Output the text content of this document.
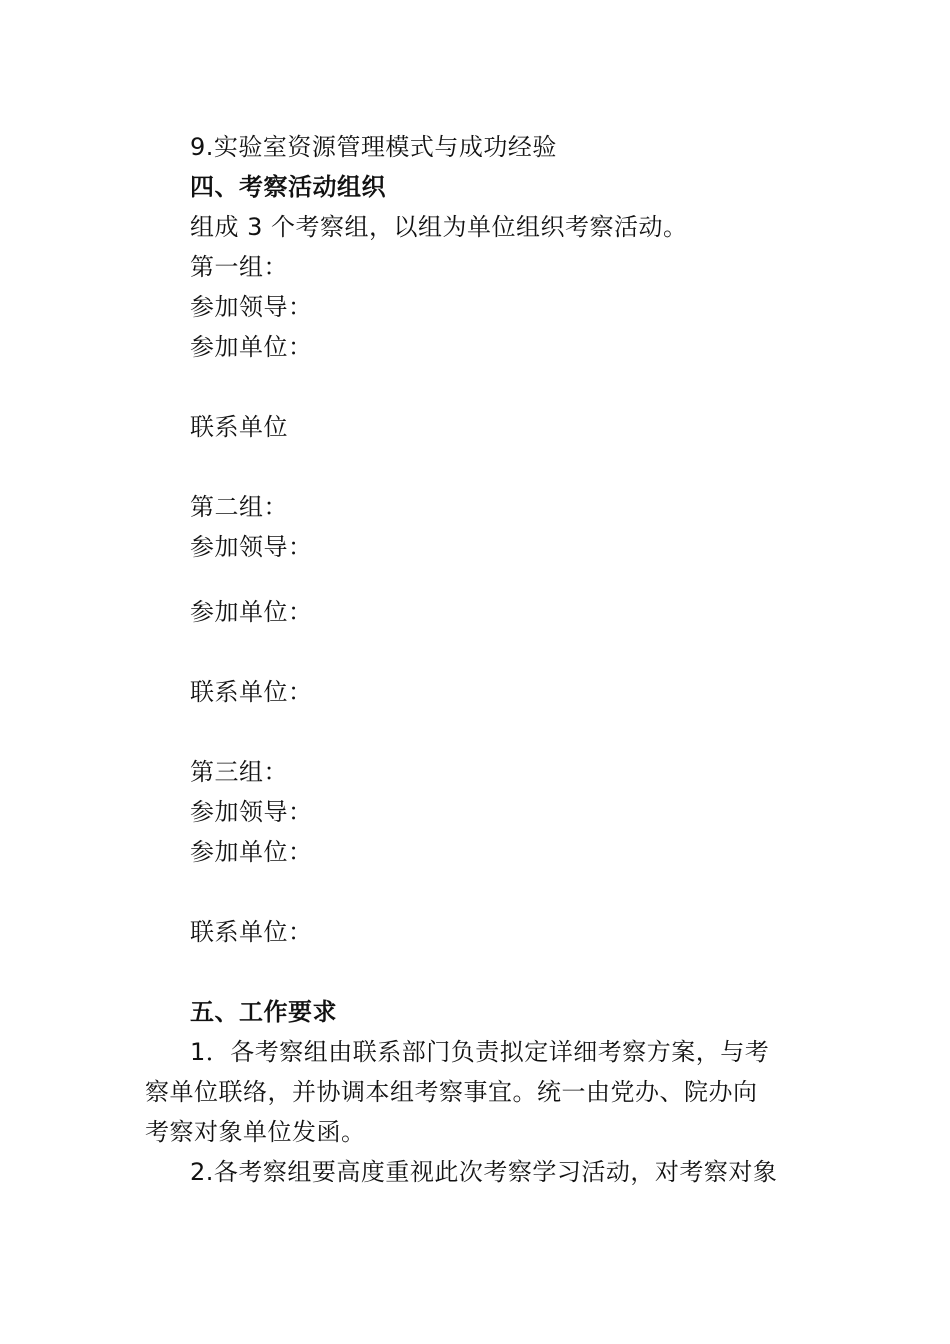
9.实验室资源管理模式与成功经验
四、考察活动组织
组成 3 个考察组，以组为单位组织考察活动。
第一组：
参加领导：
参加单位：
联系单位
第二组：
参加领导：
参加单位：
联系单位：
第三组：
参加领导：
参加单位：
联系单位：
五、工作要求
1．各考察组由联系部门负责拟定详细考察方案，与考
察单位联络，并协调本组考察事宜。统一由党办、院办向
考察对象单位发函。
2.各考察组要高度重视此次考察学习活动，对考察对象
